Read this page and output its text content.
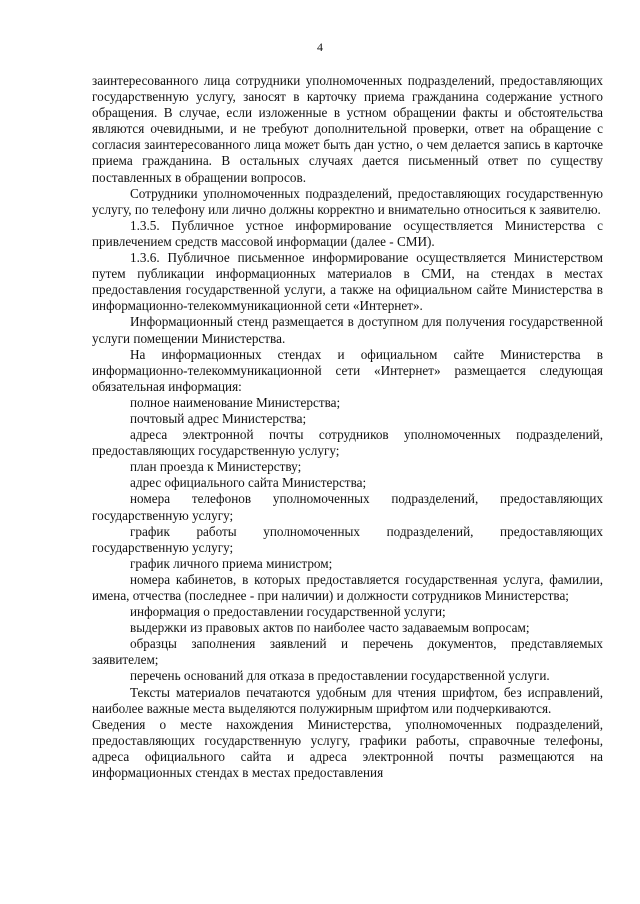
4

заинтересованного лица сотрудники уполномоченных подразделений, предоставляющих государственную услугу, заносят в карточку приема гражданина содержание устного обращения. В случае, если изложенные в устном обращении факты и обстоятельства являются очевидными, и не требуют дополнительной проверки, ответ на обращение с согласия заинтересованного лица может быть дан устно, о чем делается запись в карточке приема гражданина. В остальных случаях дается письменный ответ по существу поставленных в обращении вопросов.

Сотрудники уполномоченных подразделений, предоставляющих государственную услугу, по телефону или лично должны корректно и внимательно относиться к заявителю.

1.3.5. Публичное устное информирование осуществляется Министерства с привлечением средств массовой информации (далее - СМИ).

1.3.6. Публичное письменное информирование осуществляется Министерством путем публикации информационных материалов в СМИ, на стендах в местах предоставления государственной услуги, а также на официальном сайте Министерства в информационно-телекоммуникационной сети «Интернет».

Информационный стенд размещается в доступном для получения государственной услуги помещении Министерства.

На информационных стендах и официальном сайте Министерства в информационно-телекоммуникационной сети «Интернет» размещается следующая обязательная информация:

полное наименование Министерства;

почтовый адрес Министерства;

адреса электронной почты сотрудников уполномоченных подразделений, предоставляющих государственную услугу;

план проезда к Министерству;

адрес официального сайта Министерства;

номера телефонов уполномоченных подразделений, предоставляющих государственную услугу;

график работы уполномоченных подразделений, предоставляющих государственную услугу;

график личного приема министром;

номера кабинетов, в которых предоставляется государственная услуга, фамилии, имена, отчества (последнее - при наличии) и должности сотрудников Министерства;

информация о предоставлении государственной услуги;

выдержки из правовых актов по наиболее часто задаваемым вопросам;

образцы заполнения заявлений и перечень документов, представляемых заявителем;

перечень оснований для отказа в предоставлении государственной услуги.

Тексты материалов печатаются удобным для чтения шрифтом, без исправлений, наиболее важные места выделяются полужирным шрифтом или подчеркиваются.

Сведения о месте нахождения Министерства, уполномоченных подразделений, предоставляющих государственную услугу, графики работы, справочные телефоны, адреса официального сайта и адреса электронной почты размещаются на информационных стендах в местах предоставления
